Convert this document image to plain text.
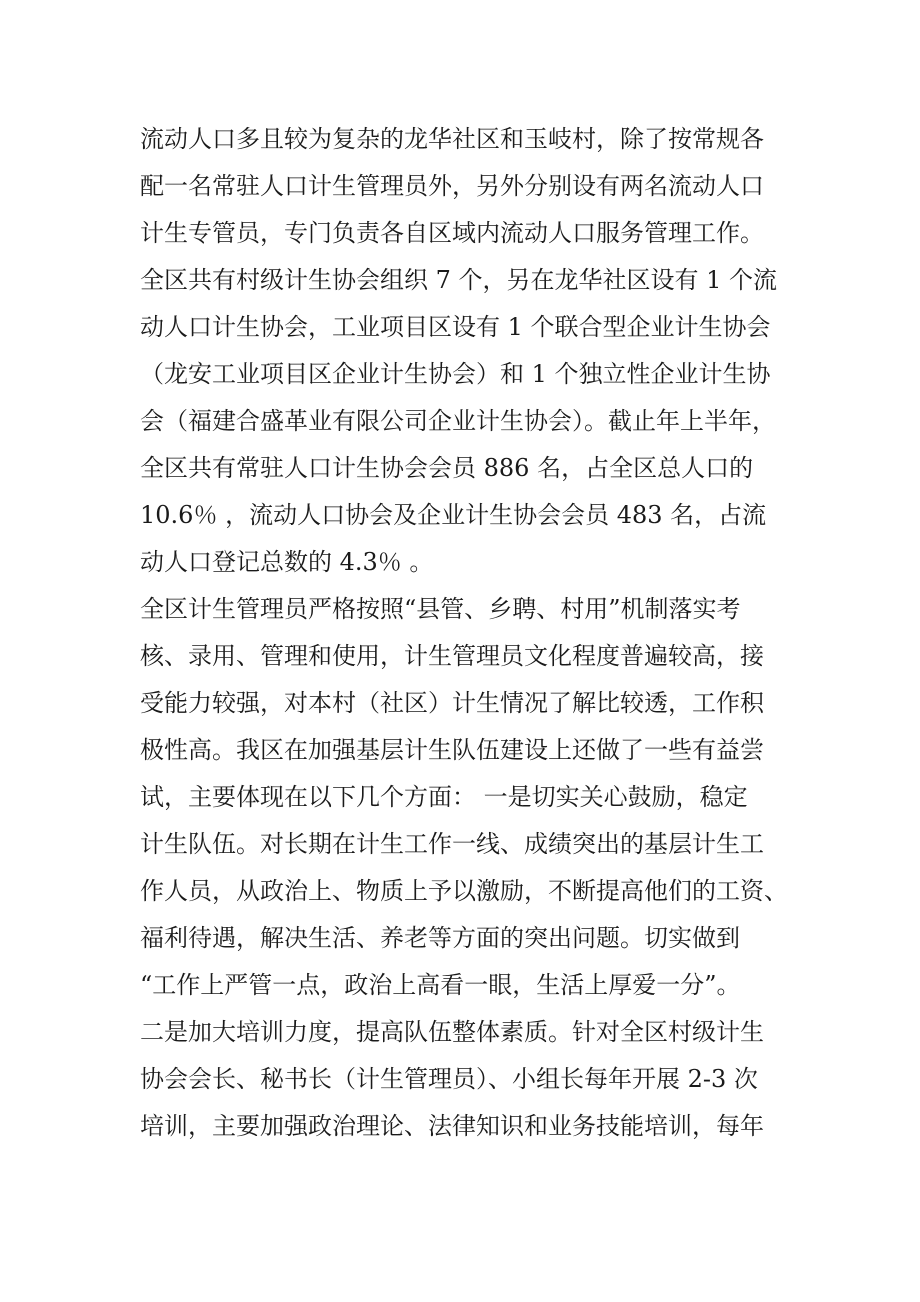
流动人口多且较为复杂的龙华社区和玉岐村，除了按常规各
配一名常驻人口计生管理员外，另外分别设有两名流动人口
计生专管员，专门负责各自区域内流动人口服务管理工作。
全区共有村级计生协会组织 7 个，另在龙华社区设有 1 个流
动人口计生协会，工业项目区设有 1 个联合型企业计生协会
（龙安工业项目区企业计生协会）和 1 个独立性企业计生协
会（福建合盛革业有限公司企业计生协会）。截止年上半年，
全区共有常驻人口计生协会会员 886 名，占全区总人口的
10.6％ ，流动人口协会及企业计生协会会员 483 名，占流
动人口登记总数的 4.3％ 。
全区计生管理员严格按照“县管、乡聘、村用”机制落实考
核、录用、管理和使用，计生管理员文化程度普遍较高，接
受能力较强，对本村（社区）计生情况了解比较透，工作积
极性高。我区在加强基层计生队伍建设上还做了一些有益尝
试，主要体现在以下几个方面： 一是切实关心鼓励，稳定
计生队伍。对长期在计生工作一线、成绩突出的基层计生工
作人员，从政治上、物质上予以激励，不断提高他们的工资、
福利待遇，解决生活、养老等方面的突出问题。切实做到
“工作上严管一点，政治上高看一眼，生活上厚爱一分”。
二是加大培训力度，提高队伍整体素质。针对全区村级计生
协会会长、秘书长（计生管理员）、小组长每年开展 2-3 次
培训，主要加强政治理论、法律知识和业务技能培训，每年
